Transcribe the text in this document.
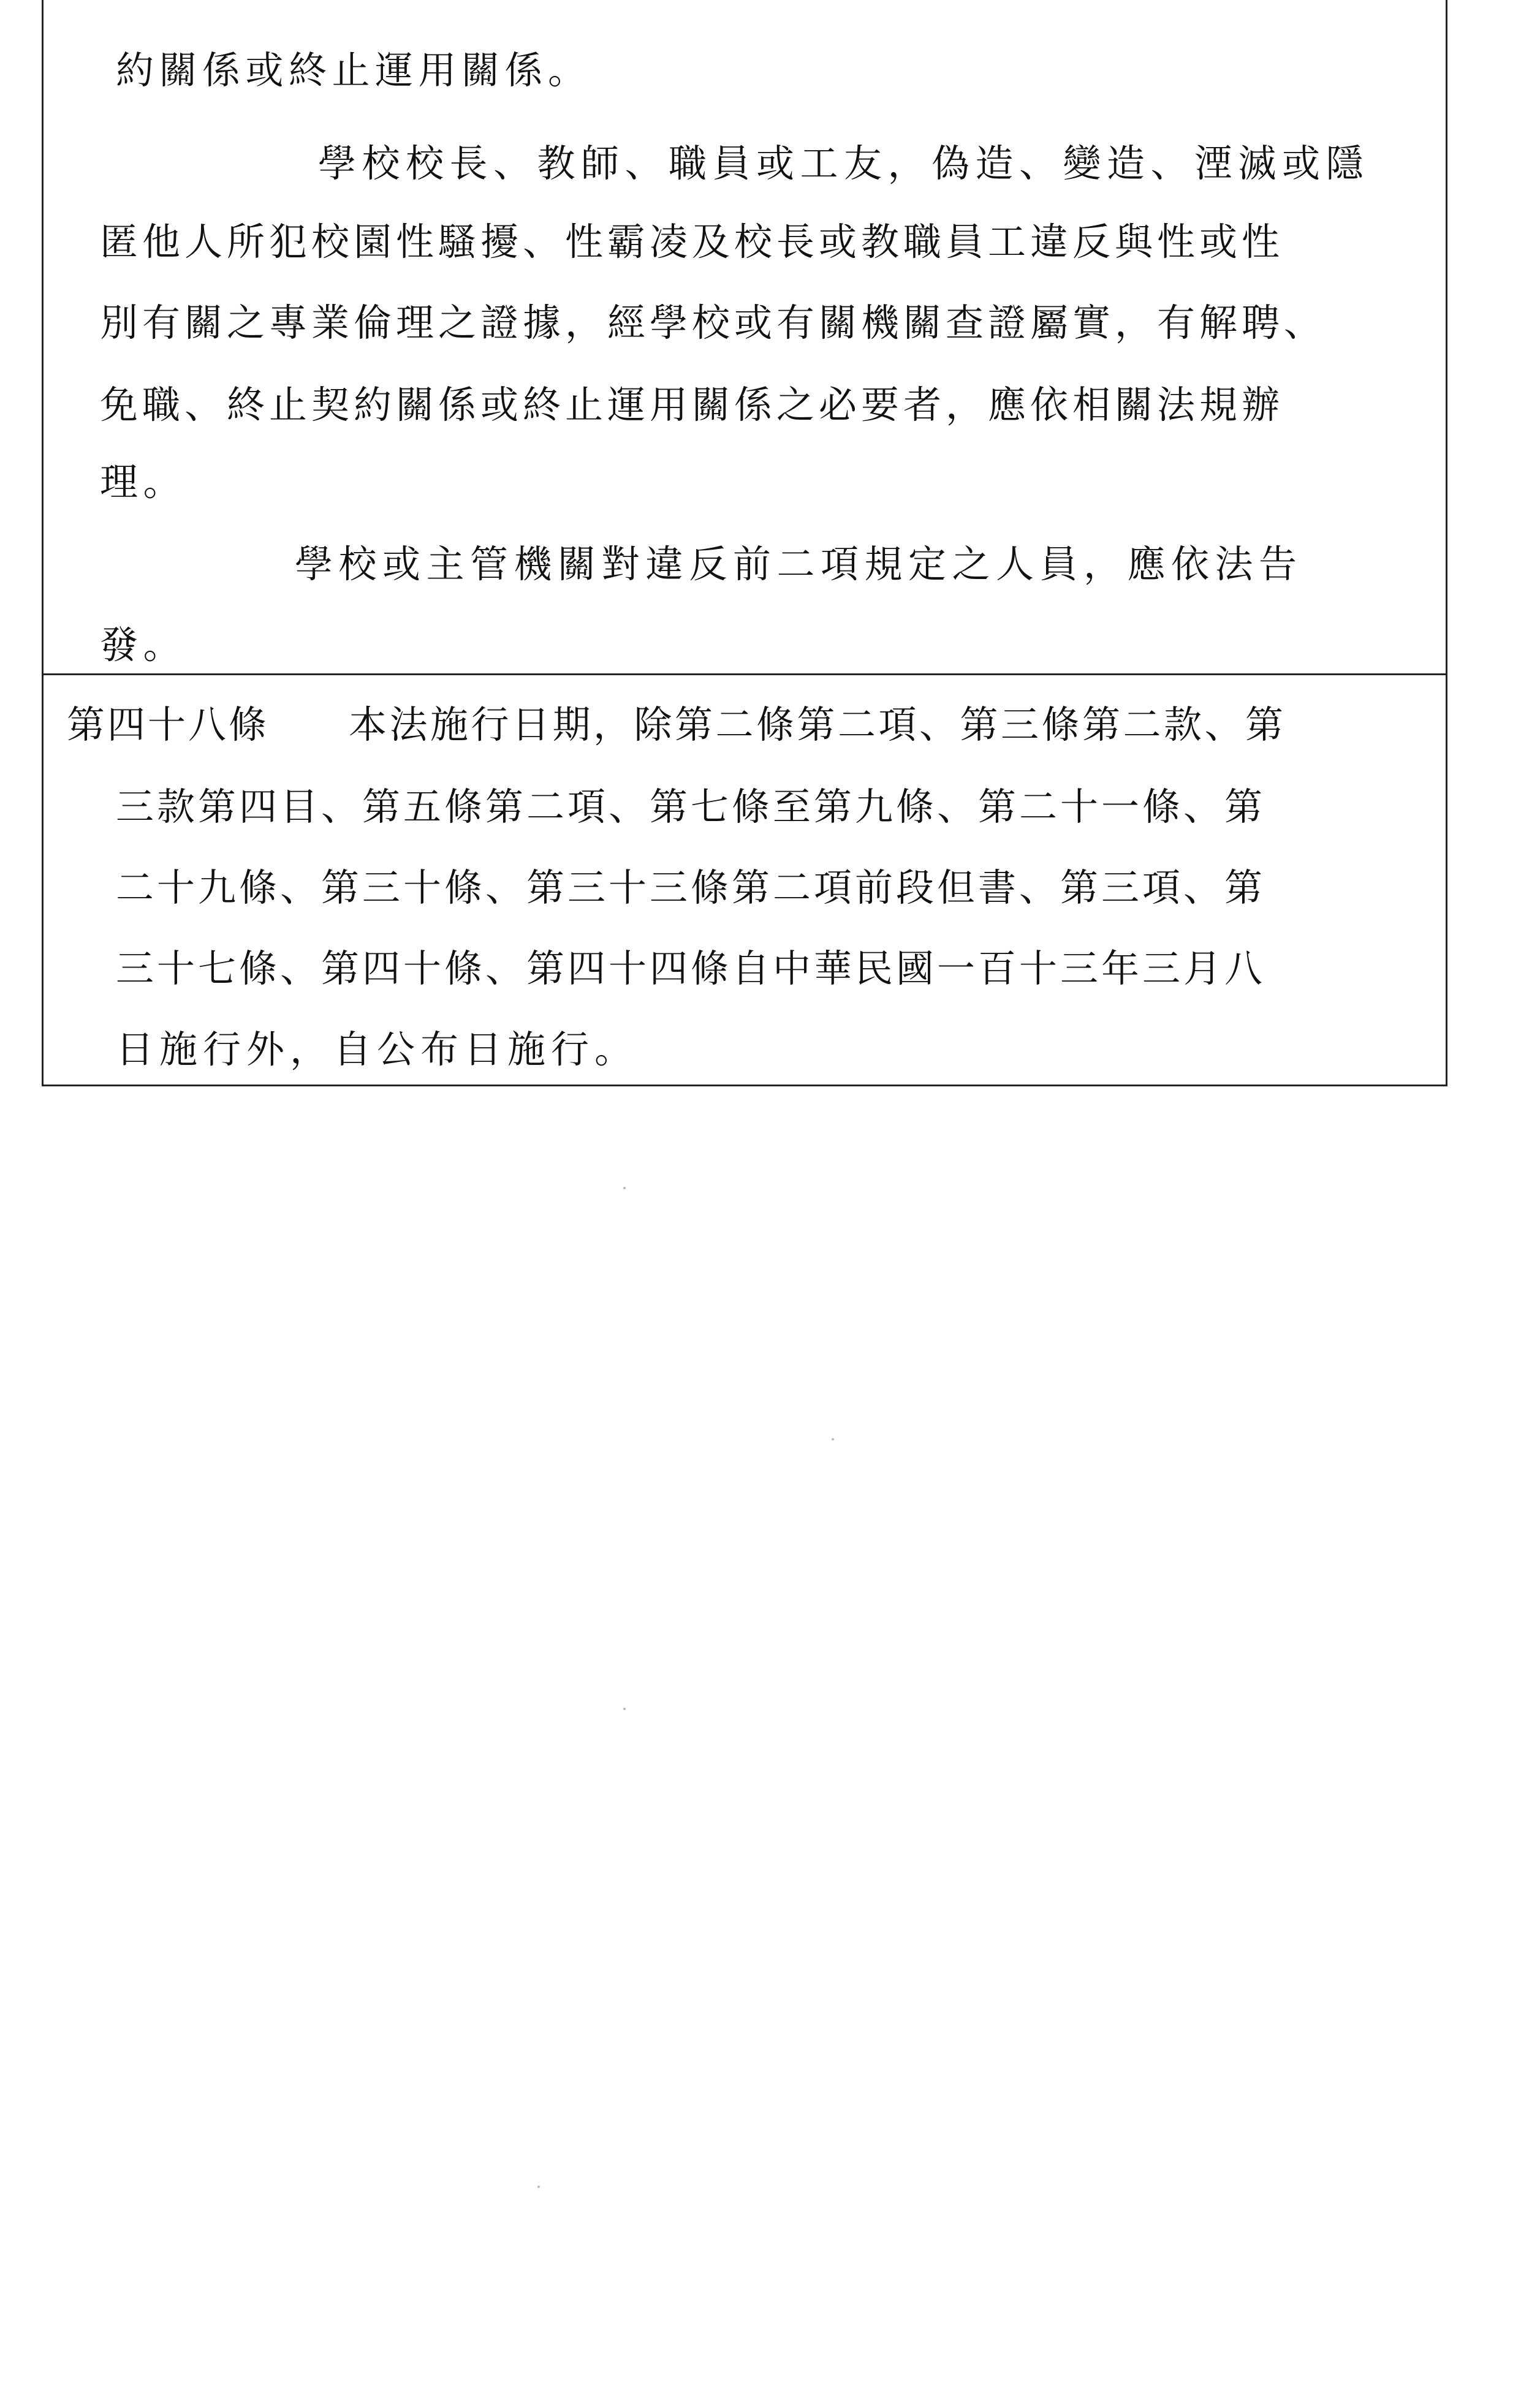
約關係或終止運用關係。
學校校長、教師、職員或工友，偽造、變造、湮滅或隱
匿他人所犯校園性騷擾、性霸凌及校長或教職員工違反與性或性
別有關之專業倫理之證據，經學校或有關機關查證屬實，有解聘、
免職、終止契約關係或終止運用關係之必要者，應依相關法規辦
理。
學校或主管機關對違反前二項規定之人員，應依法告
發。
第四十八條 本法施行日期，除第二條第二項、第三條第二款、第
三款第四目、第五條第二項、第七條至第九條、第二十一條、第
二十九條、第三十條、第三十三條第二項前段但書、第三項、第
三十七條、第四十條、第四十四條自中華民國一百十三年三月八
日施行外，自公布日施行。
